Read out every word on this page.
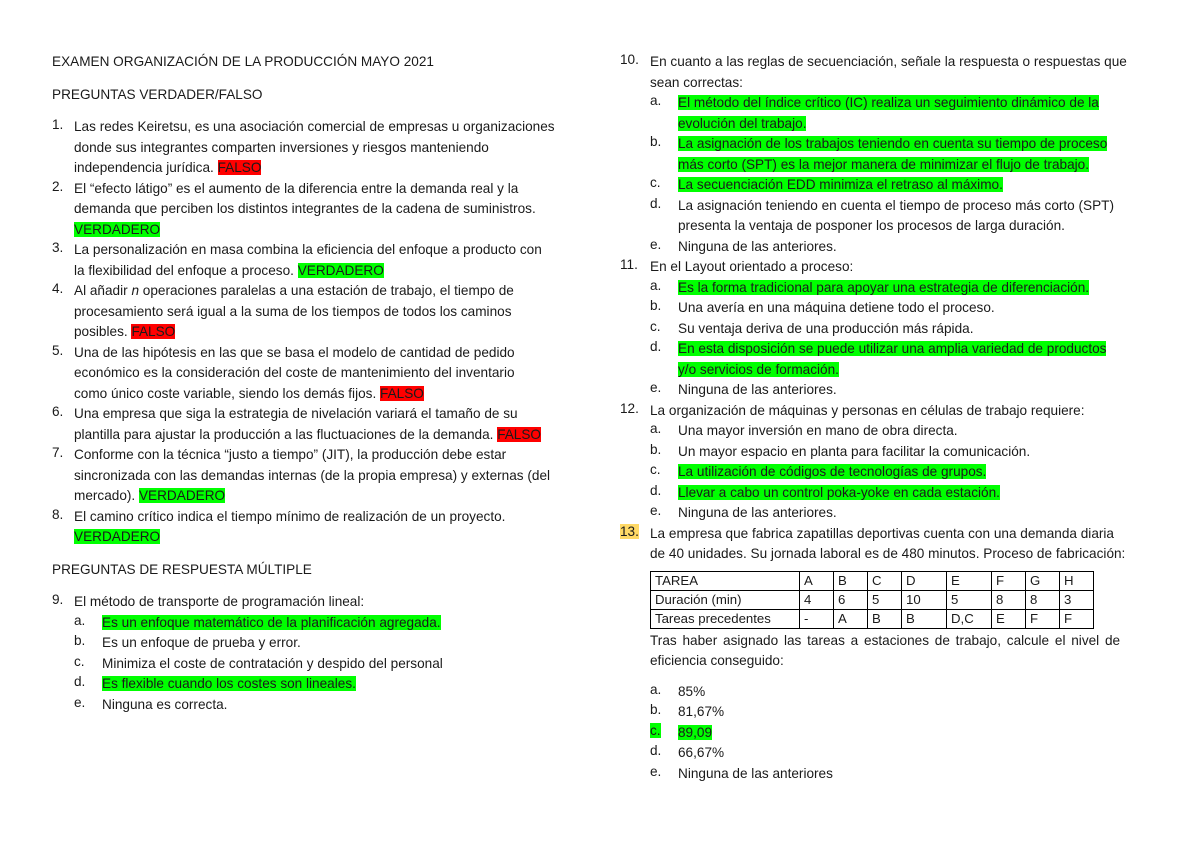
EXAMEN ORGANIZACIÓN DE LA PRODUCCIÓN MAYO 2021
PREGUNTAS VERDADER/FALSO
1. Las redes Keiretsu, es una asociación comercial de empresas u organizaciones
donde sus integrantes comparten inversiones y riesgos manteniendo
independencia jurídica. FALSO
2. El “efecto látigo” es el aumento de la diferencia entre la demanda real y la
demanda que perciben los distintos integrantes de la cadena de suministros.
VERDADERO
3. La personalización en masa combina la eficiencia del enfoque a producto con
la flexibilidad del enfoque a proceso. VERDADERO
4. Al añadir n operaciones paralelas a una estación de trabajo, el tiempo de
procesamiento será igual a la suma de los tiempos de todos los caminos
posibles. FALSO
5. Una de las hipótesis en las que se basa el modelo de cantidad de pedido
económico es la consideración del coste de mantenimiento del inventario
como único coste variable, siendo los demás fijos. FALSO
6. Una empresa que siga la estrategia de nivelación variará el tamaño de su
plantilla para ajustar la producción a las fluctuaciones de la demanda. FALSO
7. Conforme con la técnica “justo a tiempo” (JIT), la producción debe estar
sincronizada con las demandas internas (de la propia empresa) y externas (del
mercado). VERDADERO
8. El camino crítico indica el tiempo mínimo de realización de un proyecto.
VERDADERO
PREGUNTAS DE RESPUESTA MÚLTIPLE
9. El método de transporte de programación lineal:
a.	Es un enfoque matemático de la planificación agregada.
b.	Es un enfoque de prueba y error.
c.	Minimiza el coste de contratación y despido del personal
d.	Es flexible cuando los costes son lineales.
e.	Ninguna es correcta.
10. En cuanto a las reglas de secuenciación, señale la respuesta o respuestas que
sean correctas:
a.	El método del índice crítico (IC) realiza un seguimiento dinámico de la
evolución del trabajo.
b.	La asignación de los trabajos teniendo en cuenta su tiempo de proceso
más corto (SPT) es la mejor manera de minimizar el flujo de trabajo.
c.	La secuenciación EDD minimiza el retraso al máximo.
d.	La asignación teniendo en cuenta el tiempo de proceso más corto (SPT)
presenta la ventaja de posponer los procesos de larga duración.
e.	Ninguna de las anteriores.
11. En el Layout orientado a proceso:
a.	Es la forma tradicional para apoyar una estrategia de diferenciación.
b.	Una avería en una máquina detiene todo el proceso.
c.	Su ventaja deriva de una producción más rápida.
d.	En esta disposición se puede utilizar una amplia variedad de productos
y/o servicios de formación.
e.	Ninguna de las anteriores.
12. La organización de máquinas y personas en células de trabajo requiere:
a.	Una mayor inversión en mano de obra directa.
b.	Un mayor espacio en planta para facilitar la comunicación.
c.	La utilización de códigos de tecnologías de grupos.
d.	Llevar a cabo un control poka-yoke en cada estación.
e.	Ninguna de las anteriores.
13. La empresa que fabrica zapatillas deportivas cuenta con una demanda diaria
de 40 unidades. Su jornada laboral es de 480 minutos. Proceso de fabricación:
TAREA	A	B	C	D	E	F	G	H
Duración (min)	4	6	5	10	5	8	8	3
Tareas precedentes	-	A	B	B	D,C	E	F	F
Tras haber asignado las tareas a estaciones de trabajo, calcule el nivel de
eficiencia conseguido:
a.	85%
b.	81,67%
c.	89,09
d.	66,67%
e.	Ninguna de las anteriores
